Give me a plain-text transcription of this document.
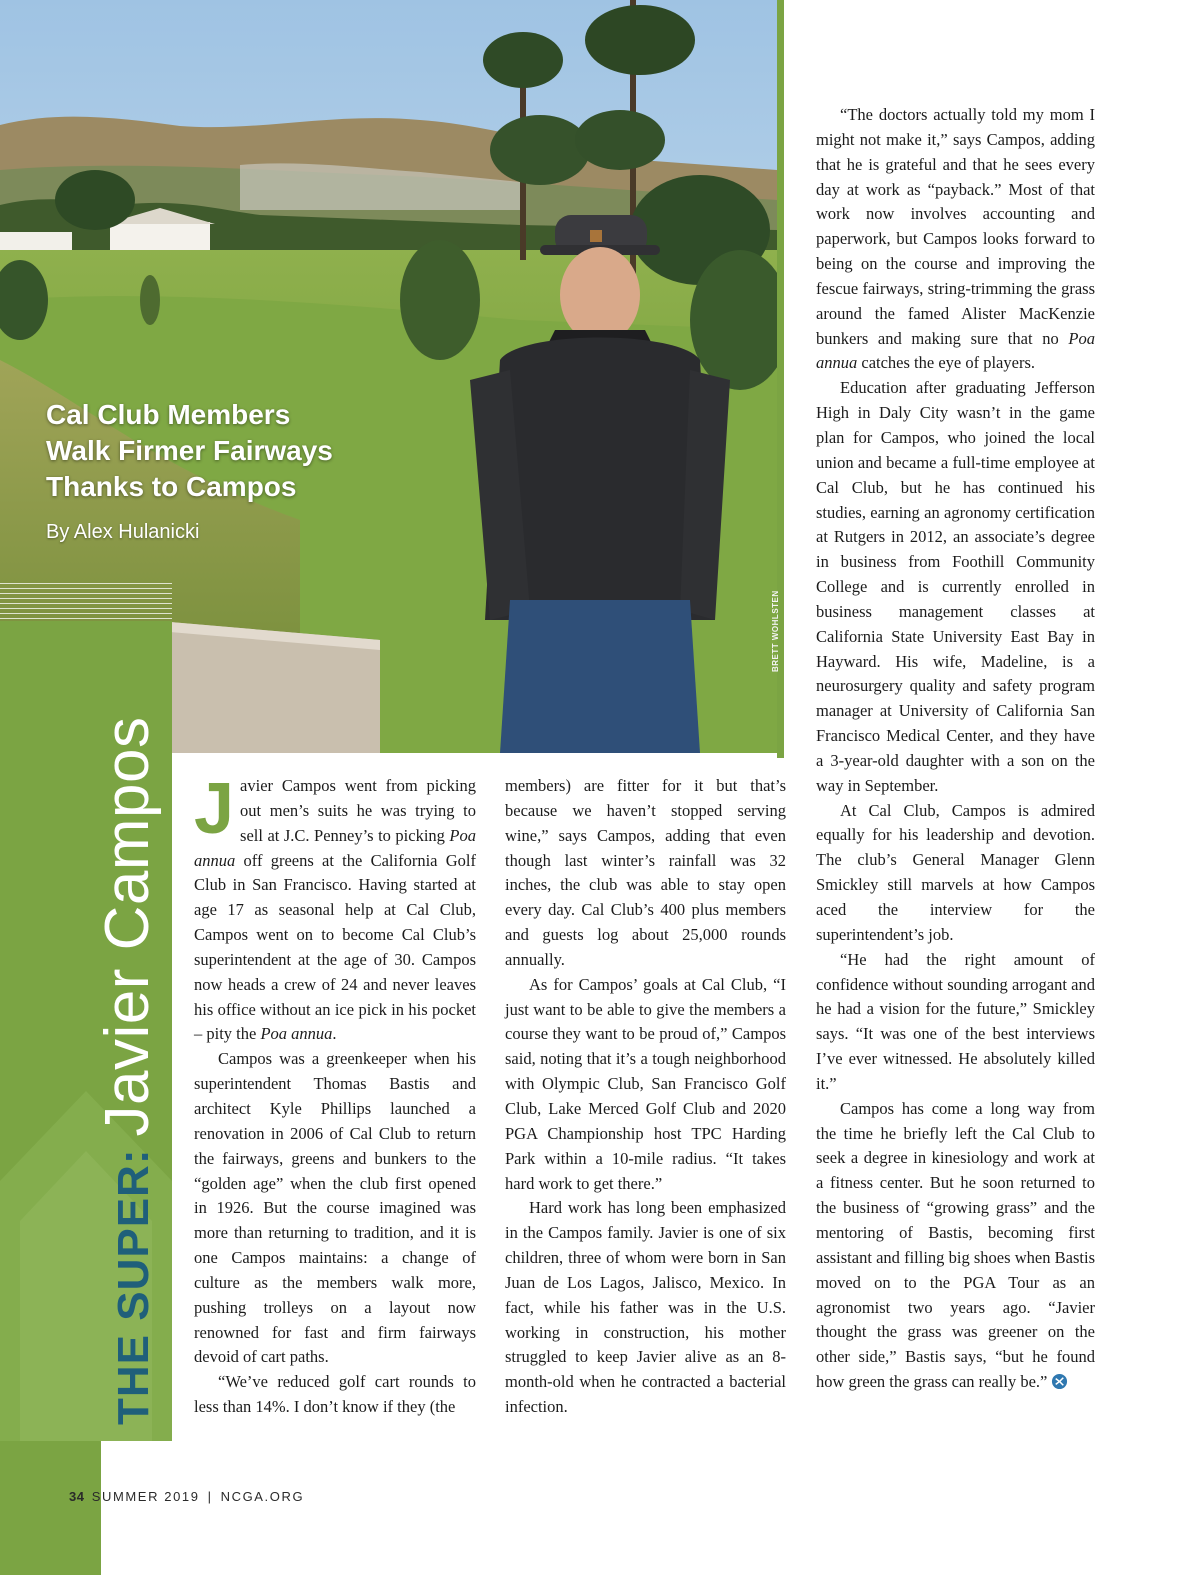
BRETT WOHLSTEN
Cal Club Members
Walk Firmer Fairways
Thanks to Campos
By Alex Hulanicki
THE SUPER:Javier Campos Javier Campos went from picking out men’s suits he was trying to sell at J.C. Penney’s to picking Poa annua off greens at the California Golf Club in San Francisco. Having started at age 17 as seasonal help at Cal Club, Campos went on to become Cal Club’s superintendent at the age of 30. Campos now heads a crew of 24 and never leaves his office without an ice pick in his pocket – pity the Poa annua.

Campos was a greenkeeper when his superintendent Thomas Bastis and architect Kyle Phillips launched a renovation in 2006 of Cal Club to return the fairways, greens and bunkers to the “golden age” when the club first opened in 1926. But the course imagined was more than returning to tradition, and it is one Campos maintains: a change of culture as the members walk more, pushing trolleys on a layout now renowned for fast and firm fairways devoid of cart paths.

“We’ve reduced golf cart rounds to less than 14%. I don’t know if they (the

members) are fitter for it but that’s because we haven’t stopped serving wine,” says Campos, adding that even though last winter’s rainfall was 32 inches, the club was able to stay open every day. Cal Club’s 400 plus members and guests log about 25,000 rounds annually.

As for Campos’ goals at Cal Club, “I just want to be able to give the members a course they want to be proud of,” Campos said, noting that it’s a tough neighborhood with Olympic Club, San Francisco Golf Club, Lake Merced Golf Club and 2020 PGA Championship host TPC Harding Park within a 10-mile radius. “It takes hard work to get there.”

Hard work has long been emphasized in the Campos family. Javier is one of six children, three of whom were born in San Juan de Los Lagos, Jalisco, Mexico. In fact, while his father was in the U.S. working in construction, his mother struggled to keep Javier alive as an 8-month-old when he contracted a bacterial infection.

“The doctors actually told my mom I might not make it,” says Campos, adding that he is grateful and that he sees every day at work as “payback.” Most of that work now involves accounting and paperwork, but Campos looks forward to being on the course and improving the fescue fairways, string-trimming the grass around the famed Alister MacKenzie bunkers and making sure that no Poa annua catches the eye of players.

Education after graduating Jefferson High in Daly City wasn’t in the game plan for Campos, who joined the local union and became a full-time employee at Cal Club, but he has continued his studies, earning an agronomy certification at Rutgers in 2012, an associate’s degree in business from Foothill Community College and is currently enrolled in business management classes at California State University East Bay in Hayward. His wife, Madeline, is a neurosurgery quality and safety program manager at University of California San Francisco Medical Center, and they have a 3-year-old daughter with a son on the way in September.

At Cal Club, Campos is admired equally for his leadership and devotion. The club’s General Manager Glenn Smickley still marvels at how Campos aced the interview for the superintendent’s job.

“He had the right amount of confidence without sounding arrogant and he had a vision for the future,” Smickley says. “It was one of the best interviews I’ve ever witnessed. He absolutely killed it.”

Campos has come a long way from the time he briefly left the Cal Club to seek a degree in kinesiology and work at a fitness center. But he soon returned to the business of “growing grass” and the mentoring of Bastis, becoming first assistant and filling big shoes when Bastis moved on to the PGA Tour as an agronomist two years ago. “Javier thought the grass was greener on the other side,” Bastis says, “but he found how green the grass can really be.”

34 SUMMER 2019 | NCGA.ORG
